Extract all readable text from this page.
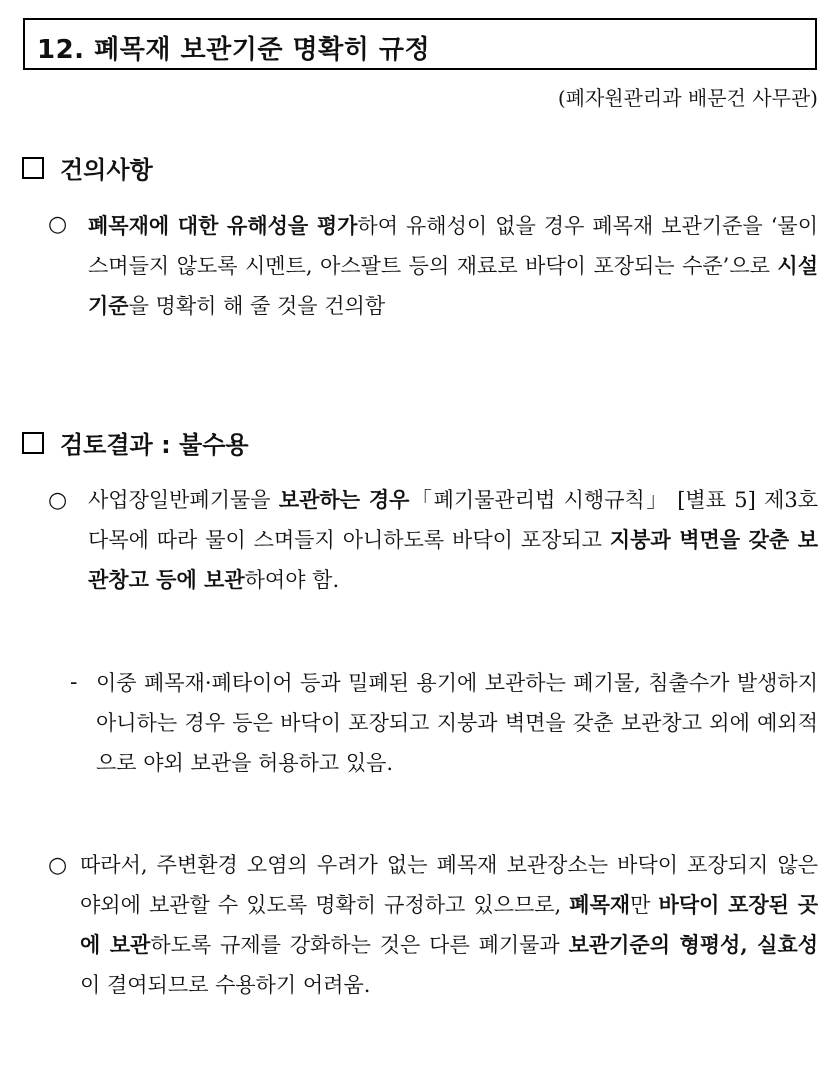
12. 폐목재 보관기준 명확히 규정
(폐자원관리과 배문건 사무관)
건의사항
○ 폐목재에 대한 유해성을 평가하여 유해성이 없을 경우 폐목재 보관기준을 ‘물이 스며들지 않도록 시멘트, 아스팔트 등의 재료로 바닥이 포장되는 수준’으로 시설 기준을 명확히 해 줄 것을 건의함
검토결과 : 불수용
○ 사업장일반폐기물을 보관하는 경우「폐기물관리법 시행규칙」 [별표 5] 제3호다목에 따라 물이 스며들지 아니하도록 바닥이 포장되고 지붕과 벽면을 갖춘 보관창고 등에 보관하여야 함.
- 이중 폐목재·폐타이어 등과 밀폐된 용기에 보관하는 폐기물, 침출수가 발생하지 아니하는 경우 등은 바닥이 포장되고 지붕과 벽면을 갖춘 보관창고 외에 예외적으로 야외 보관을 허용하고 있음.
○ 따라서, 주변환경 오염의 우려가 없는 폐목재 보관장소는 바닥이 포장되지 않은 야외에 보관할 수 있도록 명확히 규정하고 있으므로, 폐목재만 바닥이 포장된 곳에 보관하도록 규제를 강화하는 것은 다른 폐기물과 보관기준의 형평성, 실효성이 결여되므로 수용하기 어려움.
